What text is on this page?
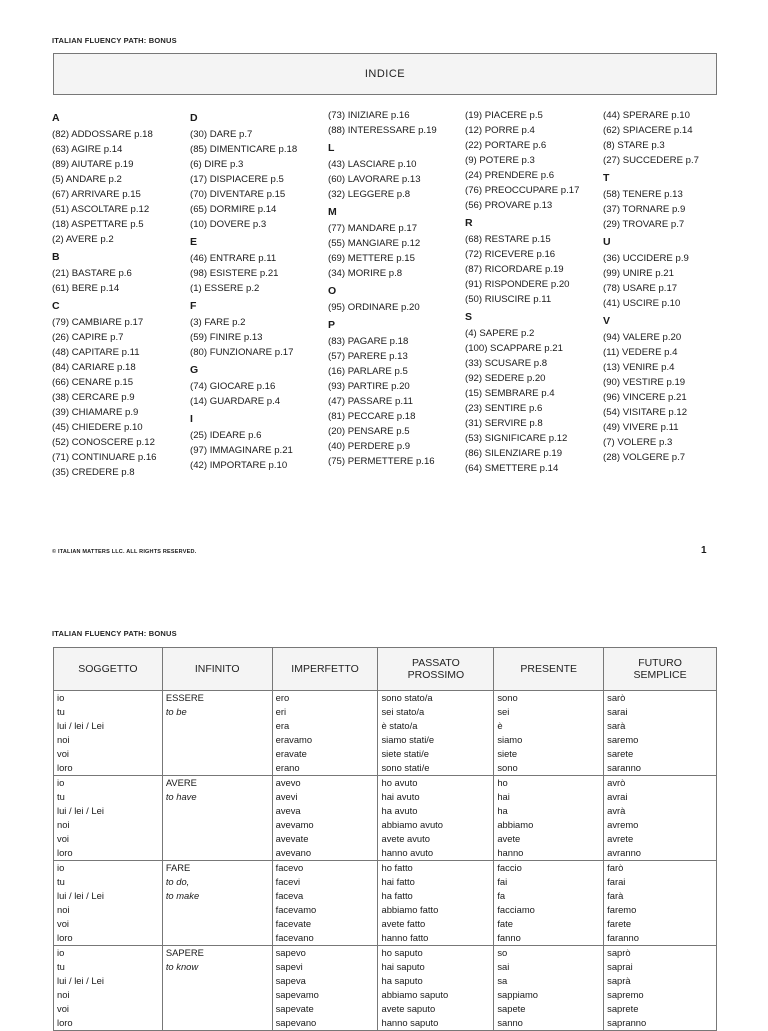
ITALIAN FLUENCY PATH: BONUS
INDICE
A
(82) ADDOSSARE p.18
(63) AGIRE p.14
(89) AIUTARE p.19
(5) ANDARE p.2
(67) ARRIVARE p.15
(51) ASCOLTARE p.12
(18) ASPETTARE p.5
(2) AVERE p.2
B
(21) BASTARE p.6
(61) BERE p.14
C
(79) CAMBIARE p.17
(26) CAPIRE p.7
(48) CAPITARE p.11
(84) CARIARE p.18
(66) CENARE p.15
(38) CERCARE p.9
(39) CHIAMARE p.9
(45) CHIEDERE p.10
(52) CONOSCERE p.12
(71) CONTINUARE p.16
(35) CREDERE p.8
D
(30) DARE p.7
(85) DIMENTICARE p.18
(6) DIRE p.3
(17) DISPIACERE p.5
(70) DIVENTARE p.15
(65) DORMIRE p.14
(10) DOVERE p.3
E
(46) ENTRARE p.11
(98) ESISTERE p.21
(1) ESSERE p.2
F
(3) FARE p.2
(59) FINIRE p.13
(80) FUNZIONARE p.17
G
(74) GIOCARE p.16
(14) GUARDARE p.4
I
(25) IDEARE p.6
(97) IMMAGINARE p.21
(42) IMPORTARE p.10
(73) INIZIARE p.16
(88) INTERESSARE p.19
L
(43) LASCIARE p.10
(60) LAVORARE p.13
(32) LEGGERE p.8
M
(77) MANDARE p.17
(55) MANGIARE p.12
(69) METTERE p.15
(34) MORIRE p.8
O
(95) ORDINARE p.20
P
(83) PAGARE p.18
(57) PARERE p.13
(16) PARLARE p.5
(93) PARTIRE p.20
(47) PASSARE p.11
(81) PECCARE p.18
(20) PENSARE p.5
(40) PERDERE p.9
(75) PERMETTERE p.16
(19) PIACERE p.5
(12) PORRE p.4
(22) PORTARE p.6
(9) POTERE p.3
(24) PRENDERE p.6
(76) PREOCCUPARE p.17
(56) PROVARE p.13
R
(68) RESTARE p.15
(72) RICEVERE p.16
(87) RICORDARE p.19
(91) RISPONDERE p.20
(50) RIUSCIRE p.11
S
(4) SAPERE p.2
(100) SCAPPARE p.21
(33) SCUSARE p.8
(92) SEDERE p.20
(15) SEMBRARE p.4
(23) SENTIRE p.6
(31) SERVIRE p.8
(53) SIGNIFICARE p.12
(86) SILENZIARE p.19
(64) SMETTERE p.14
(44) SPERARE p.10
(62) SPIACERE p.14
(8) STARE p.3
(27) SUCCEDERE p.7
T
(58) TENERE p.13
(37) TORNARE p.9
(29) TROVARE p.7
U
(36) UCCIDERE p.9
(99) UNIRE p.21
(78) USARE p.17
(41) USCIRE p.10
V
(94) VALERE p.20
(11) VEDERE p.4
(13) VENIRE p.4
(90) VESTIRE p.19
(96) VINCERE p.21
(54) VISITARE p.12
(49) VIVERE p.11
(7) VOLERE p.3
(28) VOLGERE p.7
© ITALIAN MATTERS LLC. ALL RIGHTS RESERVED.	1
ITALIAN FLUENCY PATH: BONUS
SOGGETTO	INFINITO	IMPERFETTO	PASSATO PROSSIMO	PRESENTE	FUTURO SEMPLICE

io	ESSERE	ero	sono stato/a	sono	sarò

tu	to be	eri	sei stato/a	sei	sarai

lui / lei / Lei		era	è stato/a	è	sarà

noi		eravamo	siamo stati/e	siamo	saremo

voi		eravate	siete stati/e	siete	sarete

loro		erano	sono stati/e	sono	saranno

io	AVERE	avevo	ho avuto	ho	avrò

tu	to have	avevi	hai avuto	hai	avrai

lui / lei / Lei		aveva	ha avuto	ha	avrà

noi		avevamo	abbiamo avuto	abbiamo	avremo

voi		avevate	avete avuto	avete	avrete

loro		avevano	hanno avuto	hanno	avranno

io	FARE	facevo	ho fatto	faccio	farò

tu	to do,	facevi	hai fatto	fai	farai

lui / lei / Lei	to make	faceva	ha fatto	fa	farà

noi		facevamo	abbiamo fatto	facciamo	faremo

voi		facevate	avete fatto	fate	farete

loro		facevano	hanno fatto	fanno	faranno

io	SAPERE	sapevo	ho saputo	so	saprò

tu	to know	sapevi	hai saputo	sai	saprai

lui / lei / Lei		sapeva	ha saputo	sa	saprà

noi		sapevamo	abbiamo saputo	sappiamo	sapremo

voi		sapevate	avete saputo	sapete	saprete

loro		sapevano	hanno saputo	sanno	sapranno
